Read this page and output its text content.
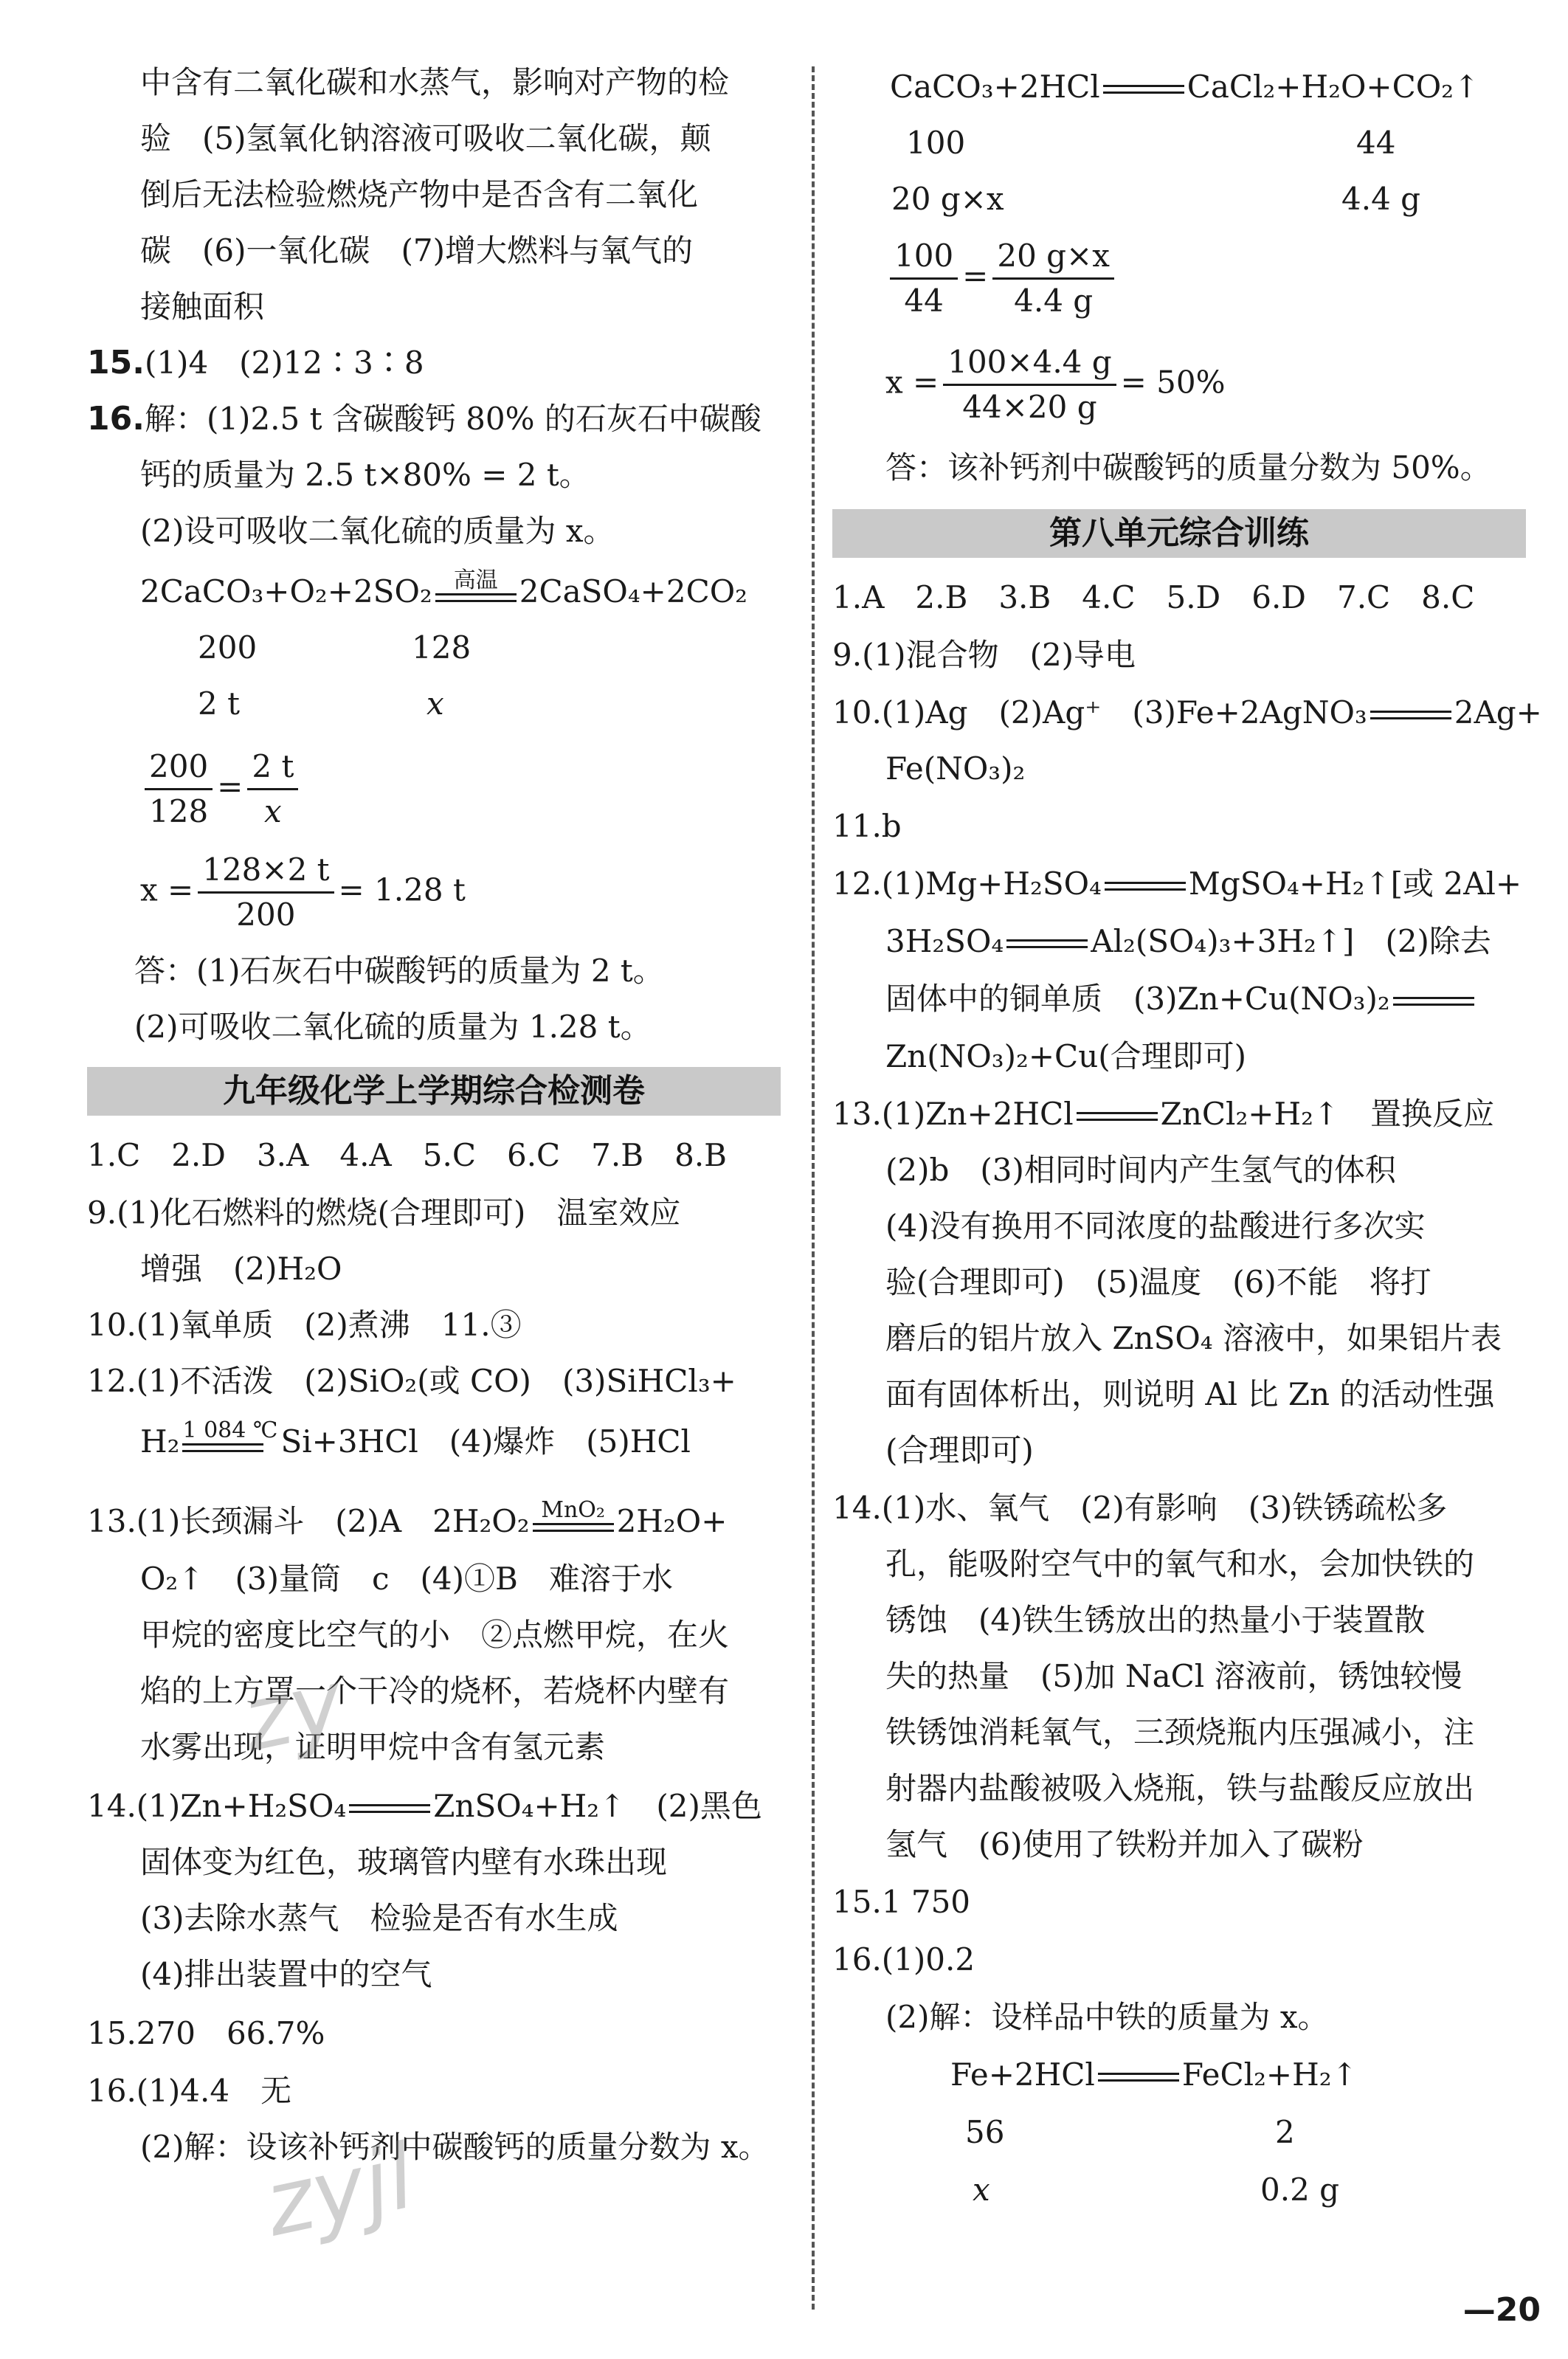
中含有二氧化碳和水蒸气，影响对产物的检
验　(5)氢氧化钠溶液可吸收二氧化碳，颠
倒后无法检验燃烧产物中是否含有二氧化
碳　(6)一氧化碳　(7)增大燃料与氧气的
接触面积
15.(1)4　(2)12∶3∶8
16.解：(1)2.5 t 含碳酸钙 80% 的石灰石中碳酸
钙的质量为 2.5 t×80% = 2 t。
(2)设可吸收二氧化硫的质量为 x。
2CaCO₃+O₂+2SO₂ 高温 2CaSO₄+2CO₂
200	128
2 t	x
$\frac{200}{128} = \frac{2 t}{x}$
$x = \frac{128\times 2 t}{200} = 1.28$ t
答：(1)石灰石中碳酸钙的质量为 2 t。
(2)可吸收二氧化硫的质量为 1.28 t。
九年级化学上学期综合检测卷
1.C　2.D　3.A　4.A　5.C　6.C　7.B　8.B
9.(1)化石燃料的燃烧(合理即可)　温室效应
增强　(2)H₂O
10.(1)氧单质　(2)煮沸　11.③
12.(1)不活泼　(2)SiO₂(或 CO)　(3)SiHCl₃+
H₂ 1 084 ℃ Si+3HCl　(4)爆炸　(5)HCl
13.(1)长颈漏斗　(2)A　2H₂O₂ MnO₂ 2H₂O+
O₂↑　(3)量筒　c　(4)①B　难溶于水
甲烷的密度比空气的小　②点燃甲烷，在火
焰的上方罩一个干冷的烧杯，若烧杯内壁有
水雾出现，证明甲烷中含有氢元素
14.(1)Zn+H₂SO₄	ZnSO₄+H₂↑　(2)黑色
固体变为红色，玻璃管内壁有水珠出现
(3)去除水蒸气　检验是否有水生成
(4)排出装置中的空气
15.270　66.7%
16.(1)4.4　无
(2)解：设该补钙剂中碳酸钙的质量分数为 x。
CaCO₃+2HCl	CaCl₂+H₂O+CO₂↑
100	44
20 g×x	4.4 g
$\frac{100}{44} = \frac{20 g\times x}{4.4 g}$
$x = \frac{100\times 4.4 g}{44\times 20 g} = 50\%$
答：该补钙剂中碳酸钙的质量分数为 50%。
第八单元综合训练
1.A　2.B　3.B　4.C　5.D　6.D　7.C　8.C
9.(1)混合物　(2)导电
10.(1)Ag　(2)Ag⁺　(3)Fe+2AgNO₃	2Ag+
Fe(NO₃)₂
11.b
12.(1)Mg+H₂SO₄	MgSO₄+H₂↑[或 2Al+
3H₂SO₄	Al₂(SO₄)₃+3H₂↑]　(2)除去
固体中的铜单质　(3)Zn+Cu(NO₃)₂
Zn(NO₃)₂+Cu(合理即可)
13.(1)Zn+2HCl	ZnCl₂+H₂↑　置换反应
(2)b　(3)相同时间内产生氢气的体积
(4)没有换用不同浓度的盐酸进行多次实
验(合理即可)　(5)温度　(6)不能　将打
磨后的铝片放入 ZnSO₄ 溶液中，如果铝片表
面有固体析出，则说明 Al 比 Zn 的活动性强
(合理即可)
14.(1)水、氧气　(2)有影响　(3)铁锈疏松多
孔，能吸附空气中的氧气和水，会加快铁的
锈蚀　(4)铁生锈放出的热量小于装置散
失的热量　(5)加 NaCl 溶液前，锈蚀较慢
铁锈蚀消耗氧气，三颈烧瓶内压强减小，注
射器内盐酸被吸入烧瓶，铁与盐酸反应放出
氢气　(6)使用了铁粉并加入了碳粉
15.1 750
16.(1)0.2
(2)解：设样品中铁的质量为 x。
Fe+2HCl	FeCl₂+H₂↑
56	2
x	0.2 g
—20
zy
zyjl
